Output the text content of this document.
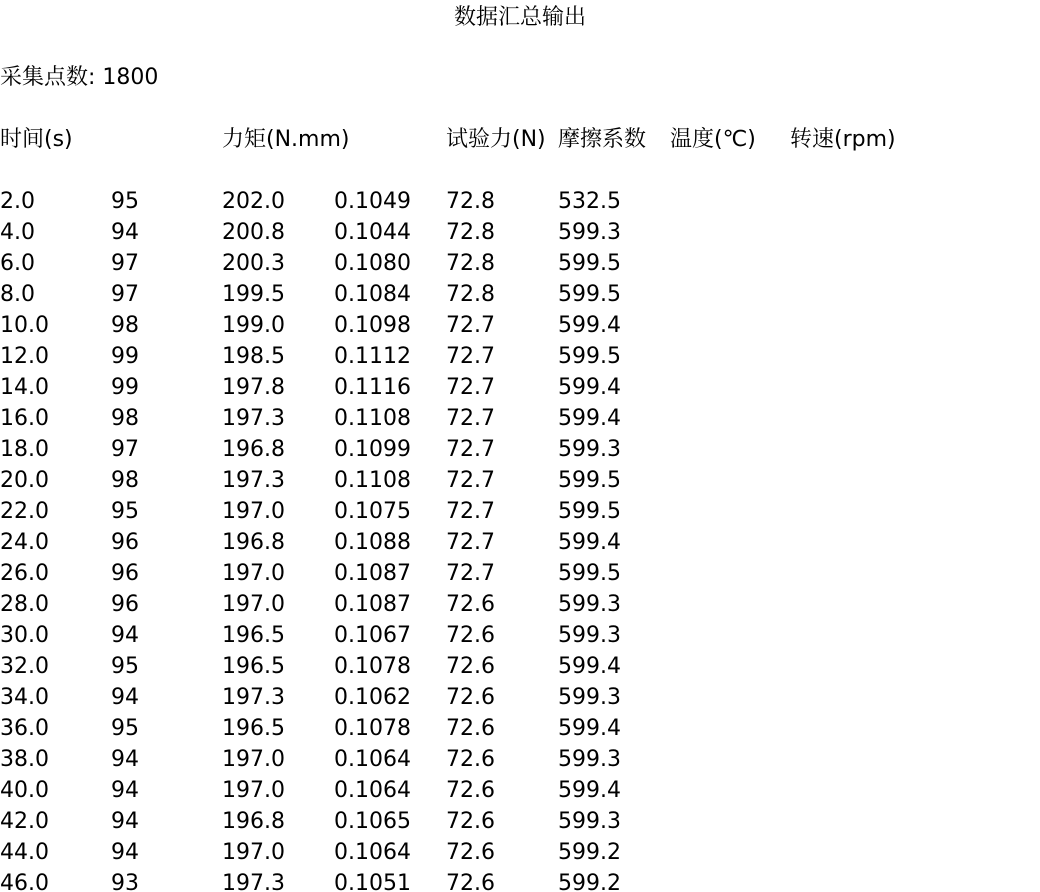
数据汇总输出
采集点数: 1800
时间(s)	力矩(N.mm)	试验力(N) 摩擦系数 温度(℃) 转速(rpm)
2.0	95	202.0 0.1049 72.8	532.5
4.0	94	200.8 0.1044 72.8	599.3
6.0	97	200.3 0.1080 72.8	599.5
8.0	97	199.5 0.1084 72.8	599.5
10.0	98	199.0 0.1098 72.7	599.4
12.0	99	198.5 0.1112 72.7	599.5
14.0	99	197.8 0.1116 72.7	599.4
16.0	98	197.3 0.1108 72.7	599.4
18.0	97	196.8 0.1099 72.7	599.3
20.0	98	197.3 0.1108 72.7	599.5
22.0	95	197.0 0.1075 72.7	599.5
24.0	96	196.8 0.1088 72.7	599.4
26.0	96	197.0 0.1087 72.7	599.5
28.0	96	197.0 0.1087 72.6	599.3
30.0	94	196.5 0.1067 72.6	599.3
32.0	95	196.5 0.1078 72.6	599.4
34.0	94	197.3 0.1062 72.6	599.3
36.0	95	196.5 0.1078 72.6	599.4
38.0	94	197.0 0.1064 72.6	599.3
40.0	94	197.0 0.1064 72.6	599.4
42.0	94	196.8 0.1065 72.6	599.3
44.0	94	197.0 0.1064 72.6	599.2
46.0	93	197.3 0.1051 72.6	599.2
